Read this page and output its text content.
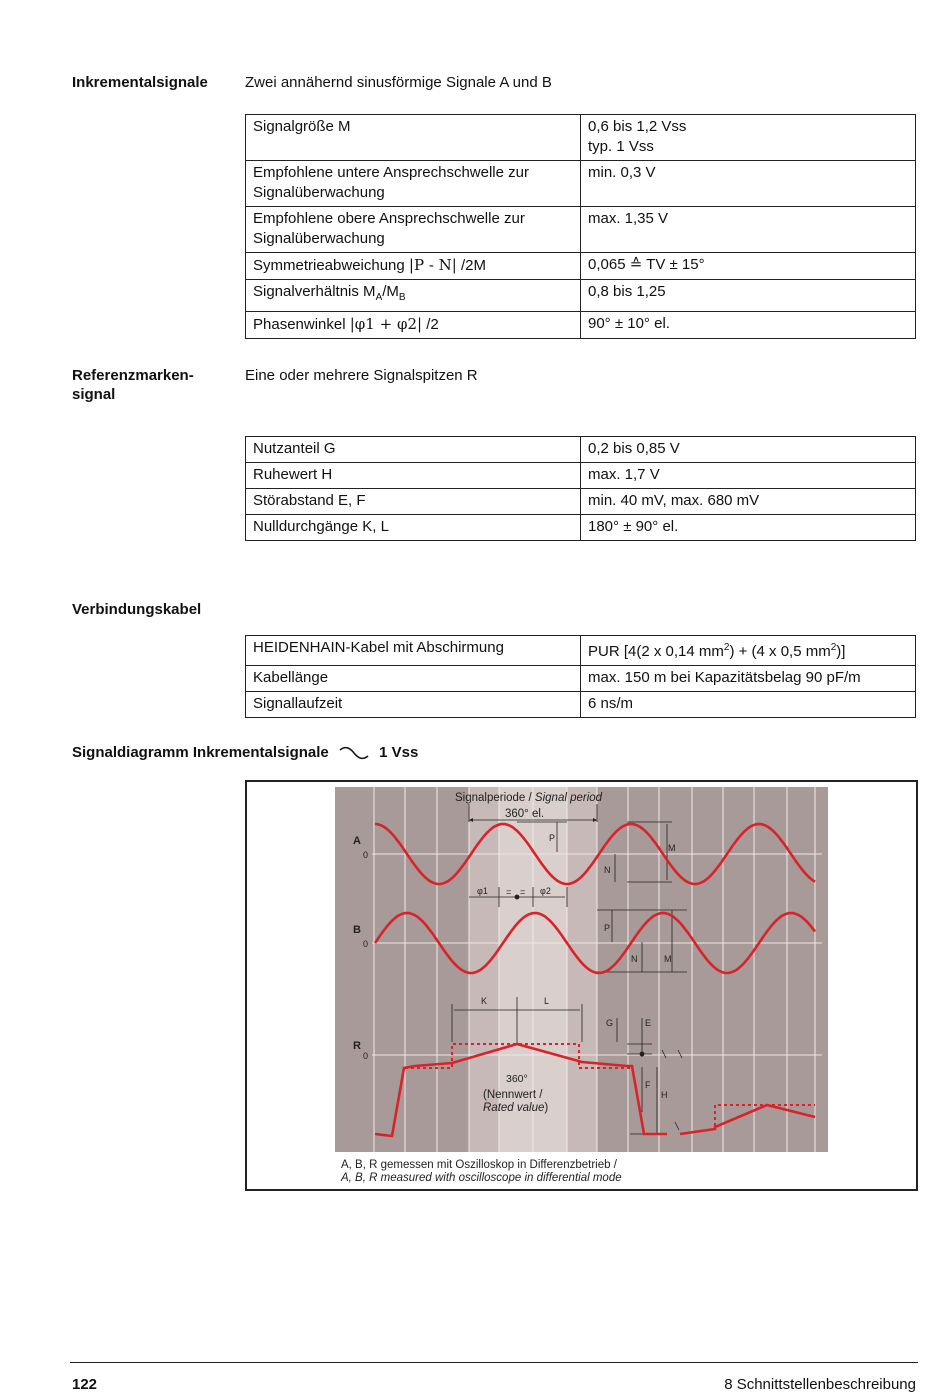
Inkrementalsignale Zwei annähernd sinusförmige Signale A und B
Signalgröße M	0,6 bis 1,2 Vss
typ. 1 Vss
Empfohlene untere Ansprechschwelle zur
Signalüberwachung	min. 0,3 V
Empfohlene obere Ansprechschwelle zur
Signalüberwachung	max. 1,35 V
Symmetrieabweichung |P - N| /2M	0,065 ≙ TV ± 15°
Signalverhältnis $M_A/M_B$	0,8 bis 1,25
Phasenwinkel |φ1 + φ2| /2	90° ± 10° el.
Referenzmarken-
signal
Eine oder mehrere Signalspitzen R
Nutzanteil G	0,2 bis 0,85 V
Ruhewert H	max. 1,7 V
Störabstand E, F	min. 40 mV, max. 680 mV
Nulldurchgänge K, L	180° ± 90° el.
Verbindungskabel
HEIDENHAIN-Kabel mit Abschirmung	PUR [4(2 x 0,14 $mm^2) + (4$ x 0,5 $mm^2$)]
Kabellänge	max. 150 m bei Kapazitätsbelag 90 pF/m
Signallaufzeit	6 ns/m
Signaldiagramm Inkrementalsignale	1 Vss
Signalperiode / Signal period
360° el.
A
0
B
0
R
0
P
M
N
φ1 = = φ2
P
N	M
K	L
G	E
F
H
360°
(Nennwert /
Rated value)
A, B, R gemessen mit Oszilloskop in Differenzbetrieb /
A, B, R measured with oscilloscope in differential mode
122	8 Schnittstellenbeschreibung
